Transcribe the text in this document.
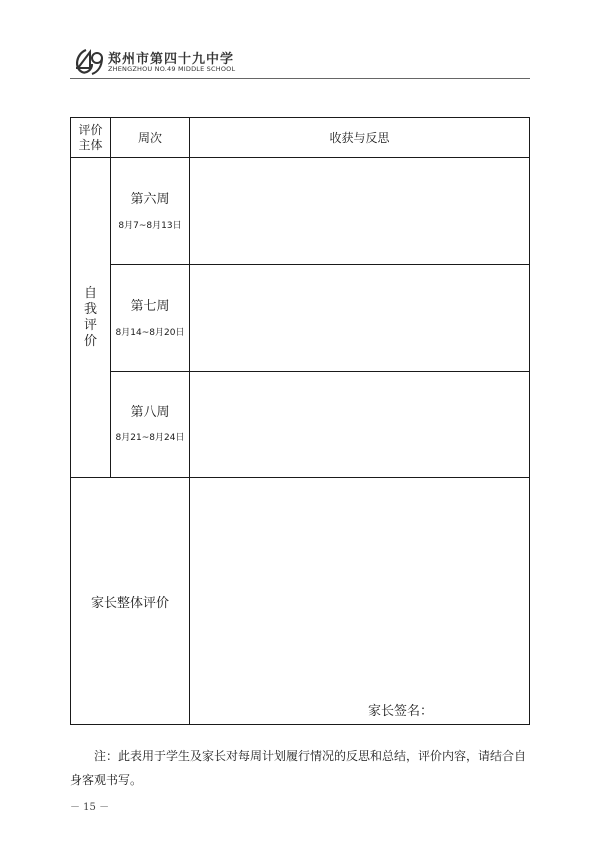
郑州市第四十九中学
ZHENGZHOU NO.49 MIDDLE SCHOOL
评价
主体	周次	收获与反思
自
我
评
价
第六周
8月7~8月13日
第七周
8月14~8月20日
第八周
8月21~8月24日
家长整体评价
家长签名：
注：此表用于学生及家长对每周计划履行情况的反思和总结，评价内容，请结合自身客观书写。
－ 15 －
